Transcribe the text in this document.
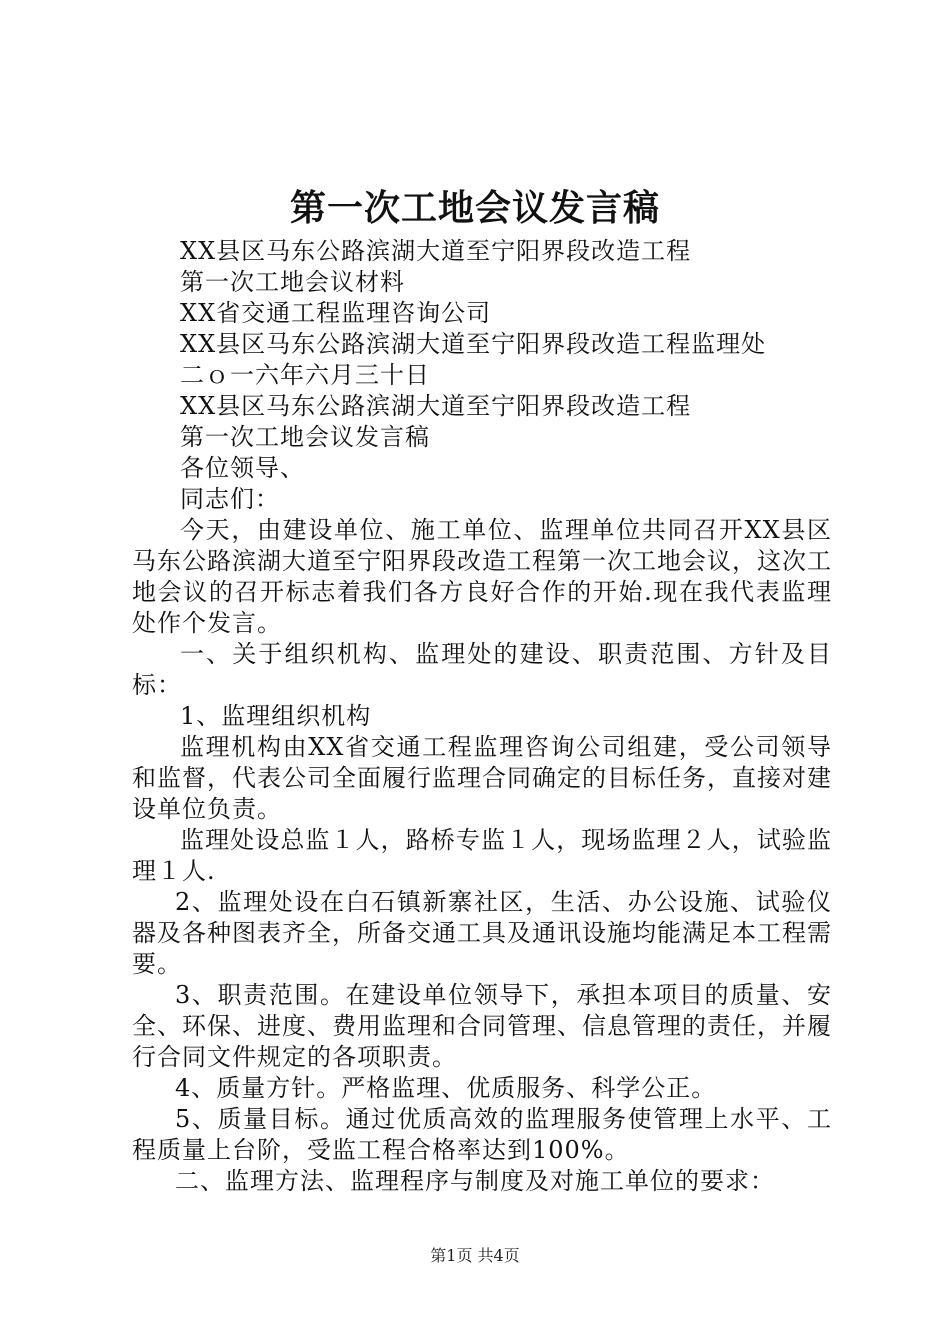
第一次工地会议发言稿

XX县区马东公路滨湖大道至宁阳界段改造工程

第一次工地会议材料

XX省交通工程监理咨询公司

XX县区马东公路滨湖大道至宁阳界段改造工程监理处

二ｏ一六年六月三十日

XX县区马东公路滨湖大道至宁阳界段改造工程

第一次工地会议发言稿

各位领导、

同志们：

今天，由建设单位、施工单位、监理单位共同召开XX县区马东公路滨湖大道至宁阳界段改造工程第一次工地会议，这次工地会议的召开标志着我们各方良好合作的开始.现在我代表监理处作个发言。

一、关于组织机构、监理处的建设、职责范围、方针及目标：

1、监理组织机构

监理机构由XX省交通工程监理咨询公司组建，受公司领导和监督，代表公司全面履行监理合同确定的目标任务，直接对建设单位负责。

监理处设总监１人，路桥专监１人，现场监理２人，试验监理１人.

2、监理处设在白石镇新寨社区，生活、办公设施、试验仪器及各种图表齐全，所备交通工具及通讯设施均能满足本工程需要。

3、职责范围。在建设单位领导下，承担本项目的质量、安全、环保、进度、费用监理和合同管理、信息管理的责任，并履行合同文件规定的各项职责。

4、质量方针。严格监理、优质服务、科学公正。

5、质量目标。通过优质高效的监理服务使管理上水平、工程质量上台阶，受监工程合格率达到100%。

二、监理方法、监理程序与制度及对施工单位的要求：

第1页 共4页
